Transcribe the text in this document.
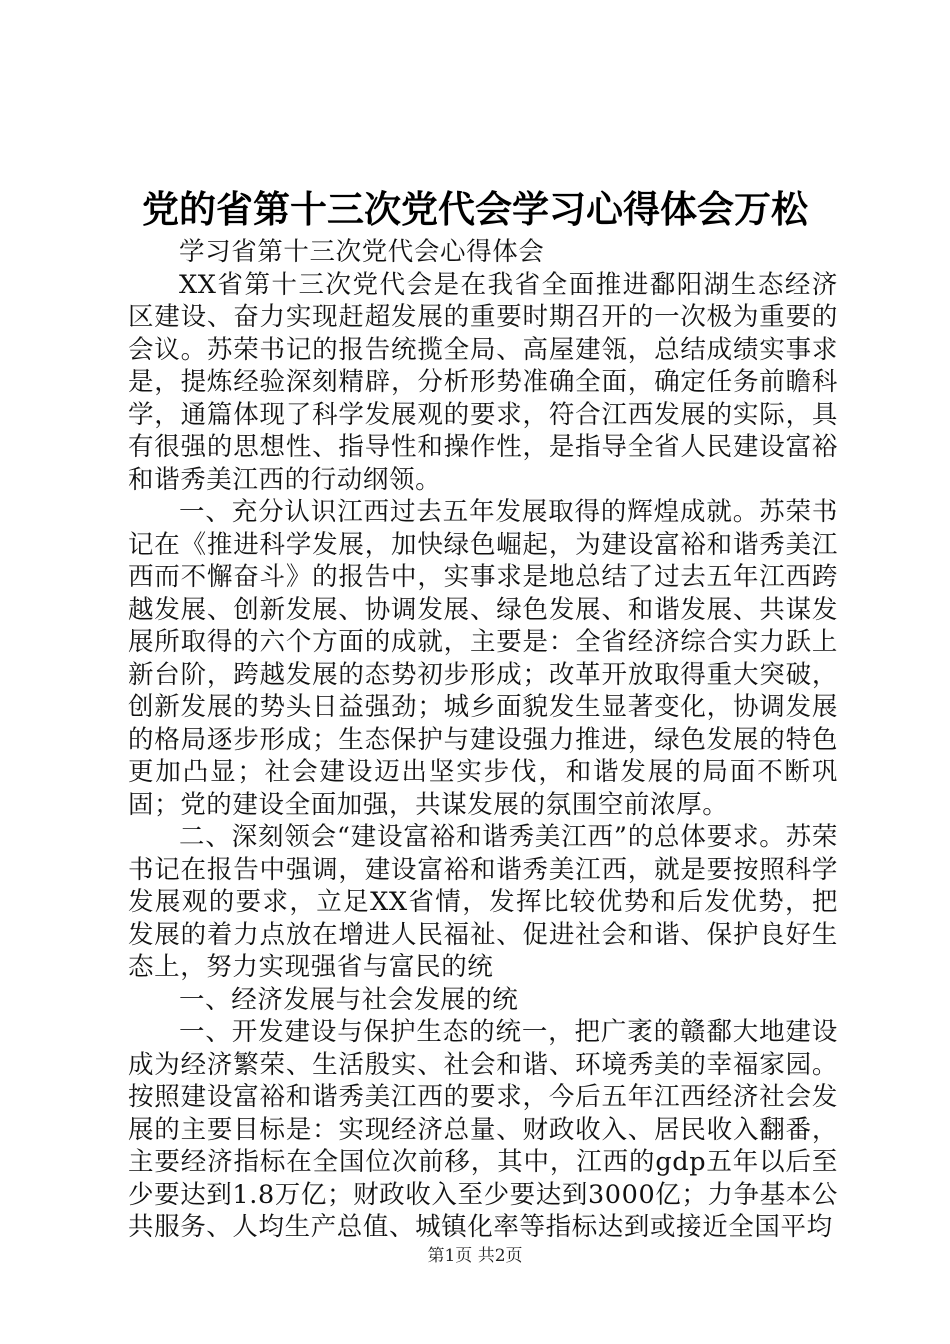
党的省第十三次党代会学习心得体会万松

学习省第十三次党代会心得体会

XX省第十三次党代会是在我省全面推进鄱阳湖生态经济区建设、奋力实现赶超发展的重要时期召开的一次极为重要的会议。苏荣书记的报告统揽全局、高屋建瓴，总结成绩实事求是，提炼经验深刻精辟，分析形势准确全面，确定任务前瞻科学，通篇体现了科学发展观的要求，符合江西发展的实际，具有很强的思想性、指导性和操作性，是指导全省人民建设富裕和谐秀美江西的行动纲领。

一、充分认识江西过去五年发展取得的辉煌成就。苏荣书记在《推进科学发展，加快绿色崛起，为建设富裕和谐秀美江西而不懈奋斗》的报告中，实事求是地总结了过去五年江西跨越发展、创新发展、协调发展、绿色发展、和谐发展、共谋发展所取得的六个方面的成就，主要是：全省经济综合实力跃上新台阶，跨越发展的态势初步形成；改革开放取得重大突破，创新发展的势头日益强劲；城乡面貌发生显著变化，协调发展的格局逐步形成；生态保护与建设强力推进，绿色发展的特色更加凸显；社会建设迈出坚实步伐，和谐发展的局面不断巩固；党的建设全面加强，共谋发展的氛围空前浓厚。

二、深刻领会“建设富裕和谐秀美江西”的总体要求。苏荣书记在报告中强调，建设富裕和谐秀美江西，就是要按照科学发展观的要求，立足XX省情，发挥比较优势和后发优势，把发展的着力点放在增进人民福祉、促进社会和谐、保护良好生态上，努力实现强省与富民的统

一、经济发展与社会发展的统

一、开发建设与保护生态的统一，把广袤的赣鄱大地建设成为经济繁荣、生活殷实、社会和谐、环境秀美的幸福家园。按照建设富裕和谐秀美江西的要求，今后五年江西经济社会发展的主要目标是：实现经济总量、财政收入、居民收入翻番，主要经济指标在全国位次前移，其中，江西的gdp五年以后至少要达到1.8万亿；财政收入至少要达到3000亿；力争基本公共服务、人均生产总值、城镇化率等指标达到或接近全国平均

第1页 共2页
